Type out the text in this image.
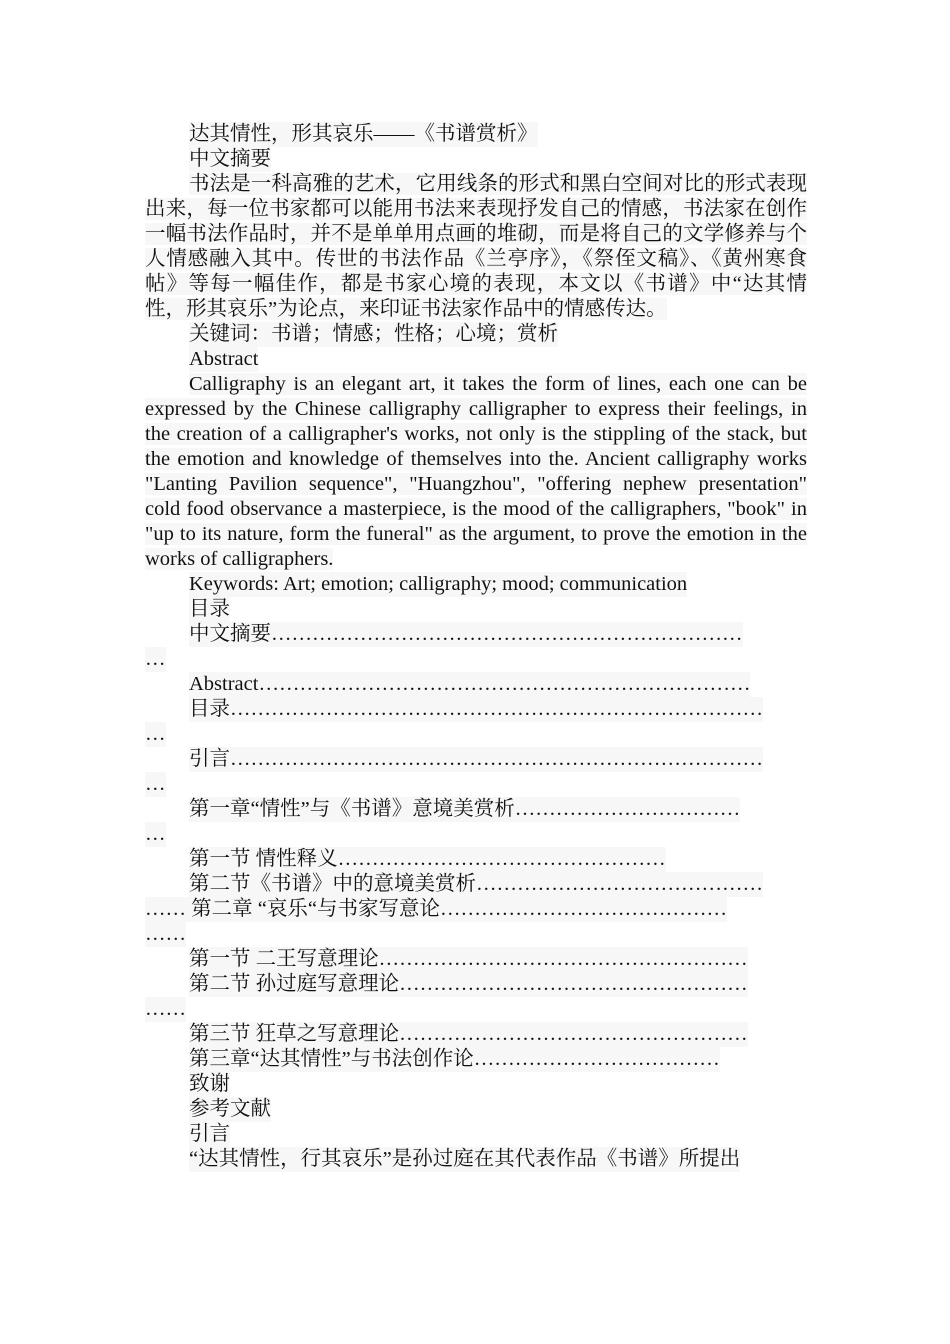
达其情性，形其哀乐——《书谱赏析》
中文摘要
书法是一科高雅的艺术，它用线条的形式和黑白空间对比的形式表现出来，每一位书家都可以能用书法来表现抒发自己的情感，书法家在创作一幅书法作品时，并不是单单用点画的堆砌，而是将自己的文学修养与个人情感融入其中。传世的书法作品《兰亭序》，《祭侄文稿》、《黄州寒食帖》等每一幅佳作，都是书家心境的表现，本文以《书谱》中“达其情性，形其哀乐”为论点，来印证书法家作品中的情感传达。
关键词：书谱；情感；性格；心境；赏析
Abstract
Calligraphy is an elegant art, it takes the form of lines, each one can be expressed by the Chinese calligraphy calligrapher to express their feelings, in the creation of a calligrapher's works, not only is the stippling of the stack, but the emotion and knowledge of themselves into the. Ancient calligraphy works "Lanting Pavilion sequence", "Huangzhou", "offering nephew presentation" cold food observance a masterpiece, is the mood of the calligraphers, "book" in "up to its nature, form the funeral" as the argument, to prove the emotion in the works of calligraphers.
Keywords: Art; emotion; calligraphy; mood; communication
目录
中文摘要……………………………………………………………
…
Abstract………………………………………………………………
目录……………………………………………………………………
…
引言……………………………………………………………………
…
第一章“情性”与《书谱》意境美赏析……………………………
…
第一节 情性释义…………………………………………
第二节《书谱》中的意境美赏析……………………………………
…… 第二章 “哀乐“与书家写意论……………………………………
……
第一节 二王写意理论………………………………………………
第二节 孙过庭写意理论……………………………………………
……
第三节 狂草之写意理论……………………………………………
第三章“达其情性”与书法创作论………………………………
致谢
参考文献
引言
“达其情性，行其哀乐”是孙过庭在其代表作品《书谱》所提出
